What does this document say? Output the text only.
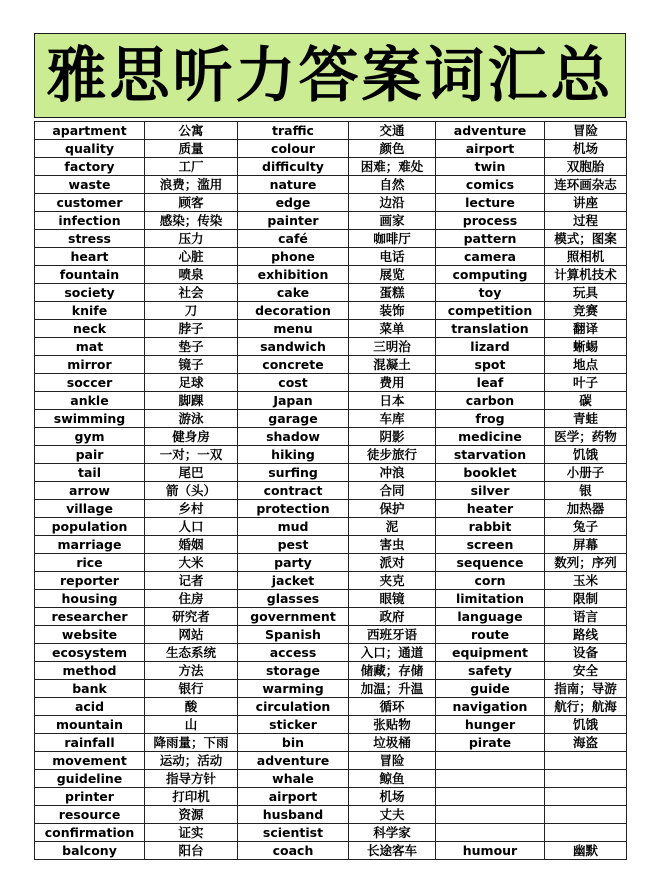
雅思听力答案词汇总
apartment	公寓	traffic	交通	adventure	冒险
quality	质量	colour	颜色	airport	机场
factory	工厂	difficulty	困难；难处	twin	双胞胎
waste	浪费；滥用	nature	自然	comics	连环画杂志
customer	顾客	edge	边沿	lecture	讲座
infection	感染；传染	painter	画家	process	过程
stress	压力	café	咖啡厅	pattern	模式；图案
heart	心脏	phone	电话	camera	照相机
fountain	喷泉	exhibition	展览	computing	计算机技术
society	社会	cake	蛋糕	toy	玩具
knife	刀	decoration	装饰	competition	竞赛
neck	脖子	menu	菜单	translation	翻译
mat	垫子	sandwich	三明治	lizard	蜥蜴
mirror	镜子	concrete	混凝土	spot	地点
soccer	足球	cost	费用	leaf	叶子
ankle	脚踝	Japan	日本	carbon	碳
swimming	游泳	garage	车库	frog	青蛙
gym	健身房	shadow	阴影	medicine	医学；药物
pair	一对；一双	hiking	徒步旅行	starvation	饥饿
tail	尾巴	surfing	冲浪	booklet	小册子
arrow	箭（头）	contract	合同	silver	银
village	乡村	protection	保护	heater	加热器
population	人口	mud	泥	rabbit	兔子
marriage	婚姻	pest	害虫	screen	屏幕
rice	大米	party	派对	sequence	数列；序列
reporter	记者	jacket	夹克	corn	玉米
housing	住房	glasses	眼镜	limitation	限制
researcher	研究者	government	政府	language	语言
website	网站	Spanish	西班牙语	route	路线
ecosystem	生态系统	access	入口；通道	equipment	设备
method	方法	storage	储藏；存储	safety	安全
bank	银行	warming	加温；升温	guide	指南；导游
acid	酸	circulation	循环	navigation	航行；航海
mountain	山	sticker	张贴物	hunger	饥饿
rainfall	降雨量；下雨	bin	垃圾桶	pirate	海盗
movement	运动；活动	adventure	冒险		
guideline	指导方针	whale	鲸鱼		
printer	打印机	airport	机场		
resource	资源	husband	丈夫		
confirmation	证实	scientist	科学家		
balcony	阳台	coach	长途客车	humour	幽默
